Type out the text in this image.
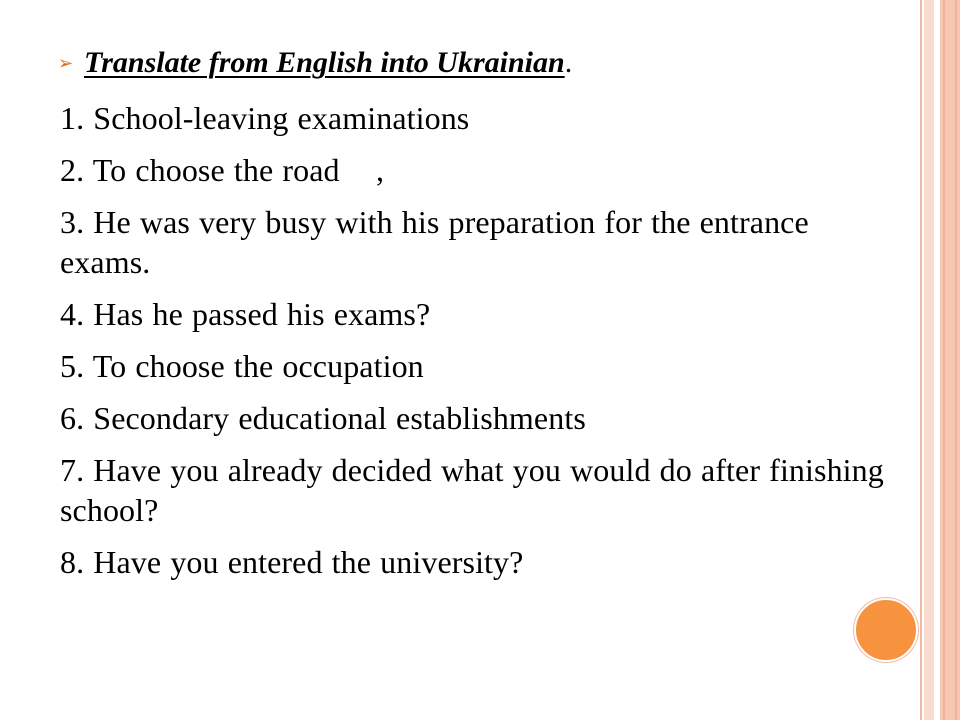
➢ Translate from English into Ukrainian .
1. School-leaving examinations
2. To choose the road    ,
3. He was very busy with his preparation for the entrance exams.
4. Has he passed his exams?
5. To choose the occupation
6. Secondary educational establishments
7. Have you already decided what you would do after finishing school?
8. Have you entered the university?
